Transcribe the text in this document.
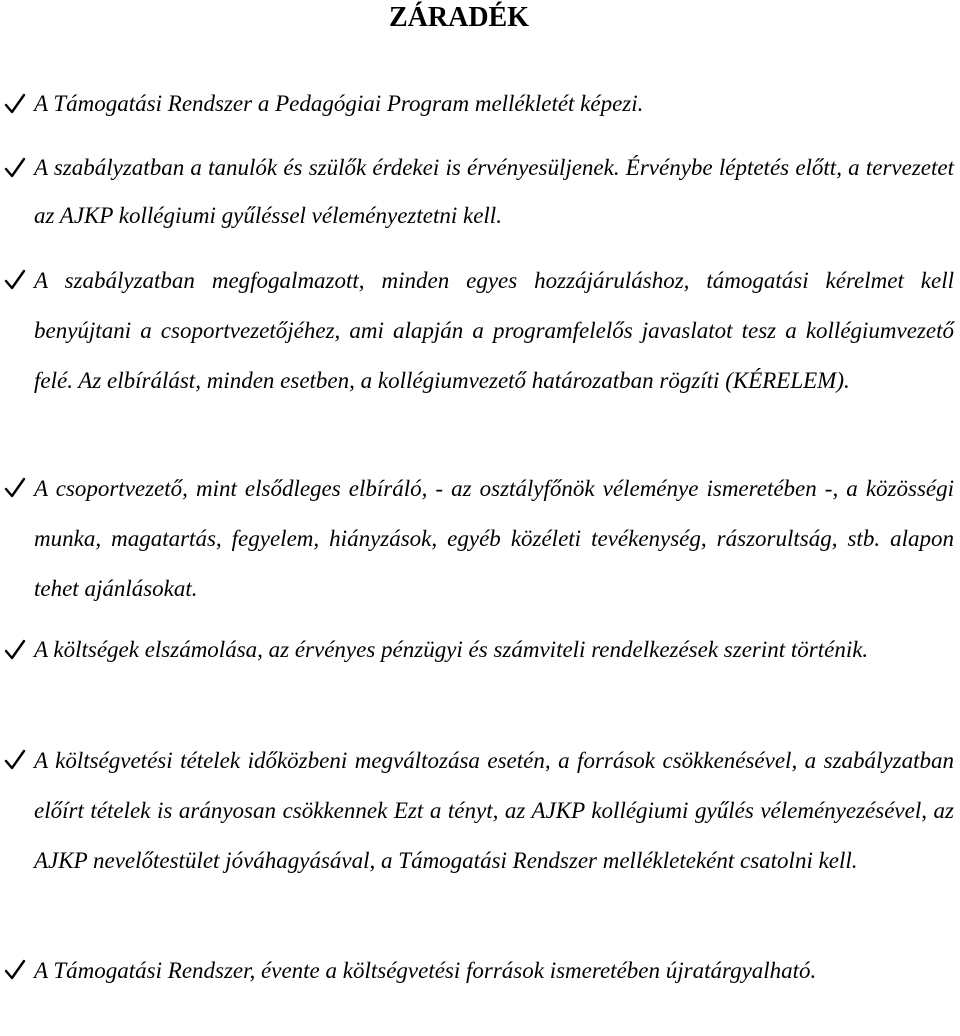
ZÁRADÉK
A Támogatási Rendszer a Pedagógiai Program mellékletét képezi.
A szabályzatban a tanulók és szülők érdekei is érvényesüljenek. Érvénybe léptetés előtt, a tervezetet az AJKP kollégiumi gyűléssel véleményeztetni kell.
A szabályzatban megfogalmazott, minden egyes hozzájáruláshoz, támogatási kérelmet kell benyújtani a csoportvezetőjéhez, ami alapján a programfelelős javaslatot tesz a kollégiumvezető felé. Az elbírálást, minden esetben, a kollégiumvezető határozatban rögzíti (KÉRELEM).
A csoportvezető, mint elsődleges elbíráló, - az osztályfőnök véleménye ismeretében -, a közösségi munka, magatartás, fegyelem, hiányzások, egyéb közéleti tevékenység, rászorultság, stb. alapon tehet ajánlásokat.
A költségek elszámolása, az érvényes pénzügyi és számviteli rendelkezések szerint történik.
A költségvetési tételek időközbeni megváltozása esetén, a források csökkenésével, a szabályzatban előírt tételek is arányosan csökkennek Ezt a tényt, az AJKP kollégiumi gyűlés véleményezésével, az AJKP nevelőtestület jóváhagyásával, a Támogatási Rendszer mellékleteként csatolni kell.
A Támogatási Rendszer, évente a költségvetési források ismeretében újratárgyalható.
